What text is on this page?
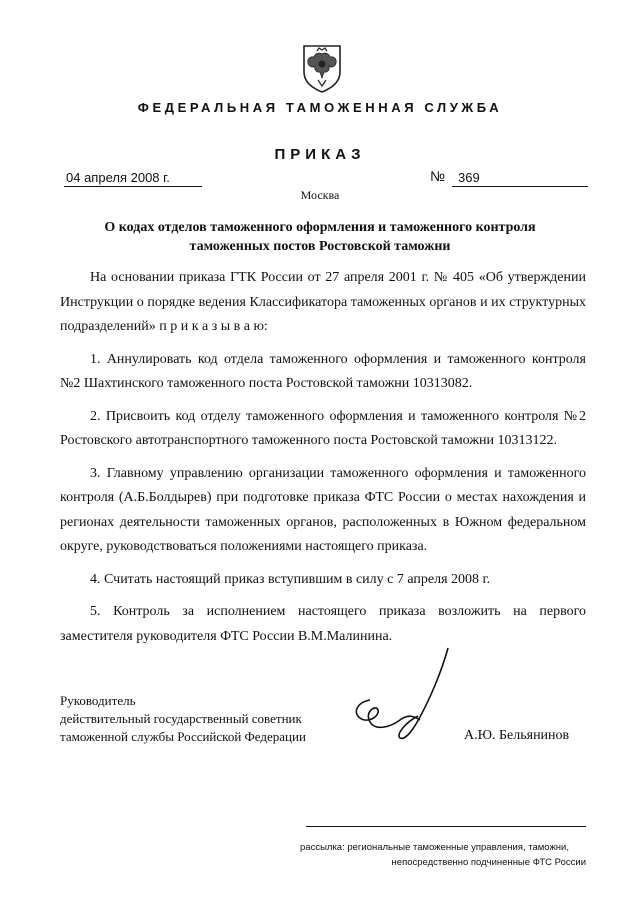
ФЕДЕРАЛЬНАЯ ТАМОЖЕННАЯ СЛУЖБА
ПРИКАЗ
04 апреля 2008 г.	№ 369
Москва
О кодах отделов таможенного оформления и таможенного контроля
таможенных постов Ростовской таможни

На основании приказа ГТК России от 27 апреля 2001 г. № 405 «Об утверждении Инструкции о порядке ведения Классификатора таможенных органов и их структурных подразделений» п р и к а з ы в а ю:

1. Аннулировать код отдела таможенного оформления и таможенного контроля №2 Шахтинского таможенного поста Ростовской таможни 10313082.

2. Присвоить код отделу таможенного оформления и таможенного контроля №2 Ростовского автотранспортного таможенного поста Ростовской таможни 10313122.

3. Главному управлению организации таможенного оформления и таможенного контроля (А.Б.Болдырев) при подготовке приказа ФТС России о местах нахождения и регионах деятельности таможенных органов, расположенных в Южном федеральном округе, руководствоваться положениями настоящего приказа.

4. Считать настоящий приказ вступившим в силу с 7 апреля 2008 г.

5. Контроль за исполнением настоящего приказа возложить на первого заместителя руководителя ФТС России В.М.Малинина.

Руководитель
действительный государственный советник
таможенной службы Российской Федерации	А.Ю. Бельянинов
рассылка: региональные таможенные управления, таможни,
непосредственно подчиненные ФТС России
